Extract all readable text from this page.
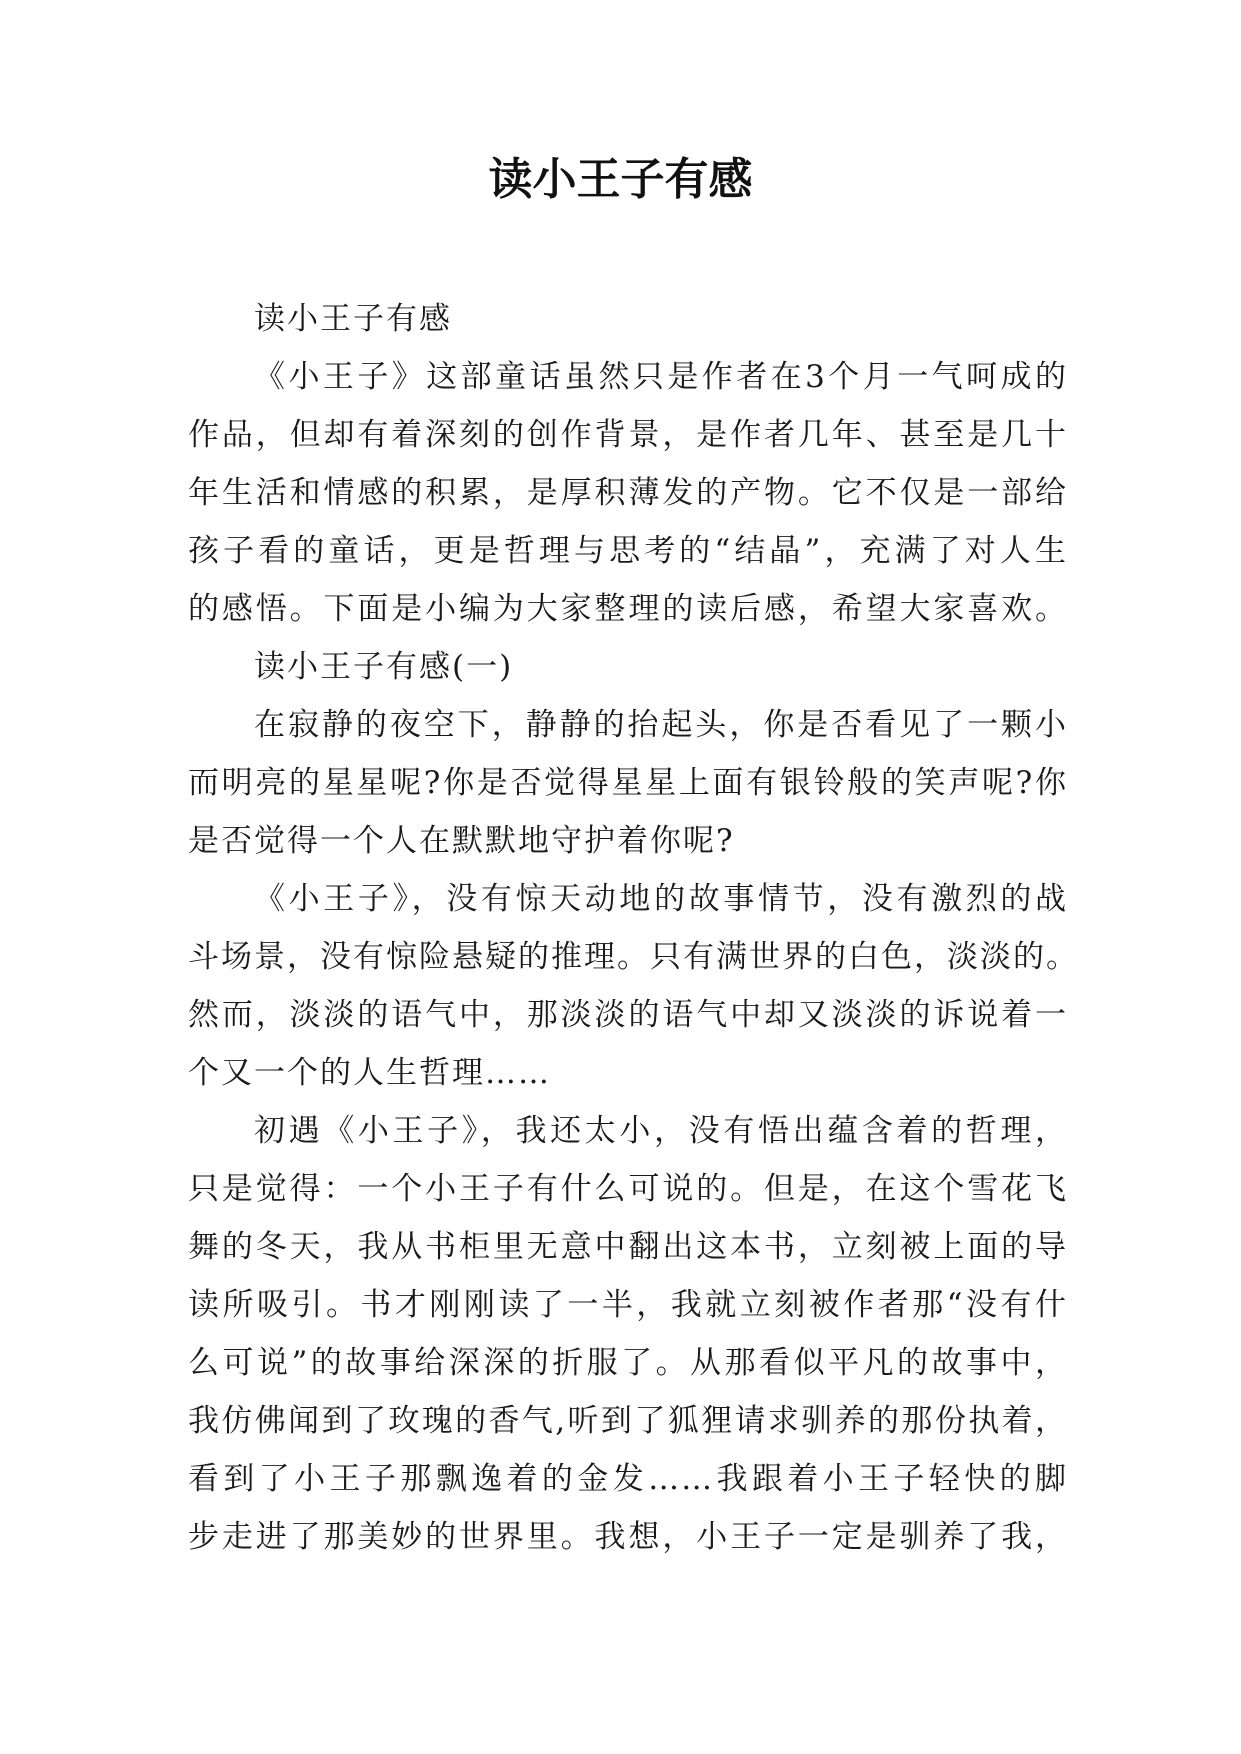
读小王子有感
读小王子有感
《小王子》这部童话虽然只是作者在3个月一气呵成的
作品，但却有着深刻的创作背景，是作者几年、甚至是几十
年生活和情感的积累，是厚积薄发的产物。它不仅是一部给
孩子看的童话，更是哲理与思考的“结晶”，充满了对人生
的感悟。下面是小编为大家整理的读后感，希望大家喜欢。
读小王子有感(一)
在寂静的夜空下，静静的抬起头，你是否看见了一颗小
而明亮的星星呢?你是否觉得星星上面有银铃般的笑声呢?你
是否觉得一个人在默默地守护着你呢?
《小王子》，没有惊天动地的故事情节，没有激烈的战
斗场景，没有惊险悬疑的推理。只有满世界的白色，淡淡的。
然而，淡淡的语气中，那淡淡的语气中却又淡淡的诉说着一
个又一个的人生哲理……
初遇《小王子》，我还太小，没有悟出蕴含着的哲理，
只是觉得：一个小王子有什么可说的。但是，在这个雪花飞
舞的冬天，我从书柜里无意中翻出这本书，立刻被上面的导
读所吸引。书才刚刚读了一半，我就立刻被作者那“没有什
么可说”的故事给深深的折服了。从那看似平凡的故事中，
我仿佛闻到了玫瑰的香气,听到了狐狸请求驯养的那份执着，
看到了小王子那飘逸着的金发……我跟着小王子轻快的脚
步走进了那美妙的世界里。我想，小王子一定是驯养了我，
